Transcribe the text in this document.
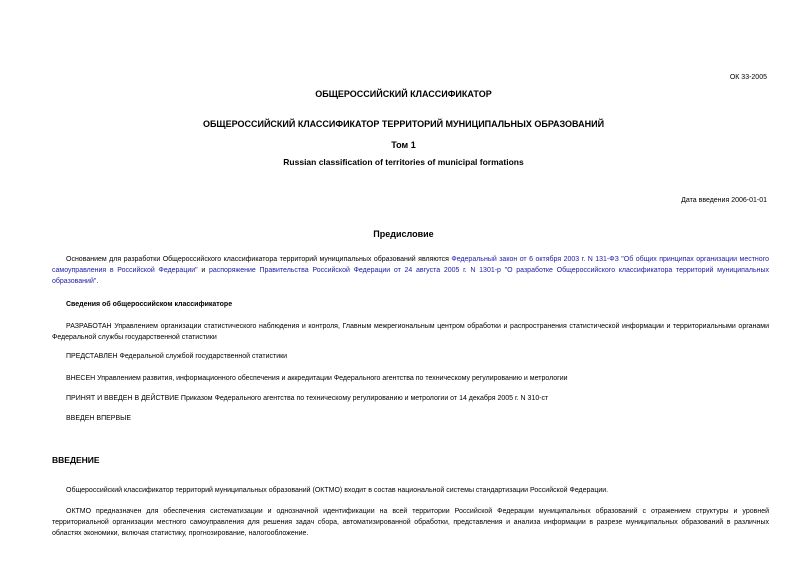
ОК 33-2005
ОБЩЕРОССИЙСКИЙ КЛАССИФИКАТОР
ОБЩЕРОССИЙСКИЙ КЛАССИФИКАТОР ТЕРРИТОРИЙ МУНИЦИПАЛЬНЫХ ОБРАЗОВАНИЙ
Том 1
Russian classification of territories of municipal formations
Дата введения 2006-01-01
Предисловие
Основанием для разработки Общероссийского классификатора территорий муниципальных образований являются Федеральный закон от 6 октября 2003 г. N 131-ФЗ "Об общих принципах организации местного самоуправления в Российской Федерации" и распоряжение Правительства Российской Федерации от 24 августа 2005 г. N 1301-р "О разработке Общероссийского классификатора территорий муниципальных образований".
Сведения об общероссийском классификаторе
РАЗРАБОТАН Управлением организации статистического наблюдения и контроля, Главным межрегиональным центром обработки и распространения статистической информации и территориальными органами Федеральной службы государственной статистики
ПРЕДСТАВЛЕН Федеральной службой государственной статистики
ВНЕСЕН Управлением развития, информационного обеспечения и аккредитации Федерального агентства по техническому регулированию и метрологии
ПРИНЯТ И ВВЕДЕН В ДЕЙСТВИЕ Приказом Федерального агентства по техническому регулированию и метрологии от 14 декабря 2005 г. N 310-ст
ВВЕДЕН ВПЕРВЫЕ
ВВЕДЕНИЕ
Общероссийский классификатор территорий муниципальных образований (ОКТМО) входит в состав национальной системы стандартизации Российской Федерации.
ОКТМО предназначен для обеспечения систематизации и однозначной идентификации на всей территории Российской Федерации муниципальных образований с отражением структуры и уровней территориальной организации местного самоуправления для решения задач сбора, автоматизированной обработки, представления и анализа информации в разрезе муниципальных образований в различных областях экономики, включая статистику, прогнозирование, налогообложение.
